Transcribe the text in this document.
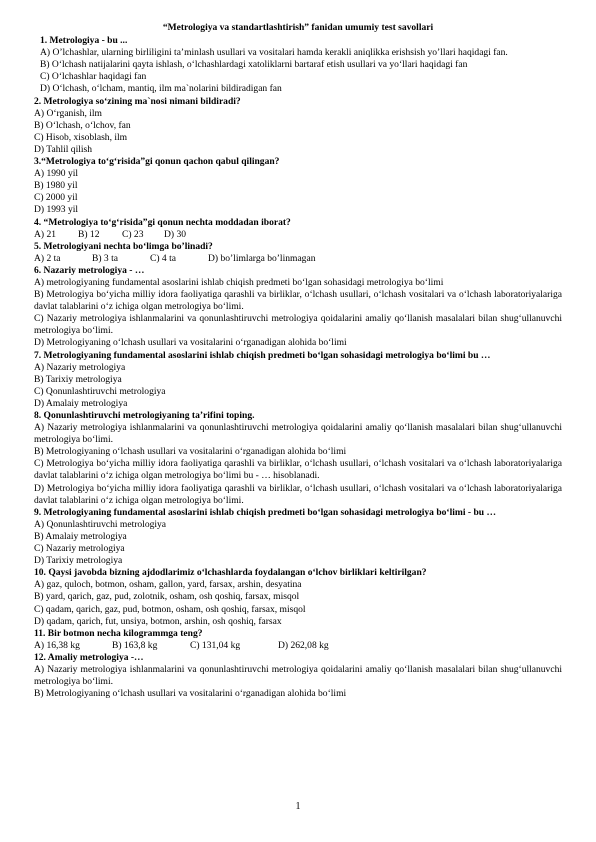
“Metrologiya va standartlashtirish” fanidan umumiy test savollari
1. Metrologiya - bu ...
A) O’lchashlar, ularning birliligini ta’minlash usullari va vositalari hamda kerakli aniqlikka erishsish yo’llari haqidagi fan.
B) O‘lchash natijalarini qayta ishlash, o‘lchashlardagi xatoliklarni bartaraf etish usullari va yo‘llari haqidagi fan
C) O‘lchashlar haqidagi fan
D) O‘lchash, o‘lcham, mantiq, ilm ma`nolarini bildiradigan fan
2. Metrologiya so‘zining ma`nosi nimani bildiradi?
A) O‘rganish, ilm
B) O‘lchash, o‘lchov, fan
C) Hisob, xisoblash, ilm
D) Tahlil qilish
3.“Metrologiya to‘g‘risida”gi qonun qachon qabul qilingan?
A) 1990 yil
B) 1980 yil
C) 2000 yil
D) 1993 yil
4. “Metrologiya to‘g‘risida”gi qonun nechta moddadan iborat?
A) 21	B) 12	C) 23	D) 30
5. Metrologiyani nechta bo‘limga bo’linadi?
A) 2 ta	B) 3 ta	C) 4 ta	D) bo’limlarga bo’linmagan
6. Nazariy metrologiya - …
A) metrologiyaning fundamental asoslarini ishlab chiqish predmeti bo‘lgan sohasidagi metrologiya bo‘limi
B) Metrologiya bo‘yicha milliy idora faoliyatiga qarashli va birliklar, o‘lchash usullari, o‘lchash vositalari va o‘lchash laboratoriyalariga davlat talablarini o‘z ichiga olgan metrologiya bo‘limi.
C) Nazariy metrologiya ishlanmalarini va qonunlashtiruvchi metrologiya qoidalarini amaliy qo‘llanish masalalari bilan shug‘ullanuvchi metrologiya bo‘limi.
D) Metrologiyaning o‘lchash usullari va vositalarini o‘rganadigan alohida bo‘limi
7. Metrologiyaning fundamental asoslarini ishlab chiqish predmeti bo‘lgan sohasidagi metrologiya bo‘limi bu …
A) Nazariy metrologiya
B) Tarixiy metrologiya
C) Qonunlashtiruvchi metrologiya
D) Amalaiy metrologiya
8. Qonunlashtiruvchi metrologiyaning ta’rifini toping.
A) Nazariy metrologiya ishlanmalarini va qonunlashtiruvchi metrologiya qoidalarini amaliy qo‘llanish masalalari bilan shug‘ullanuvchi metrologiya bo‘limi.
B) Metrologiyaning o‘lchash usullari va vositalarini o‘rganadigan alohida bo‘limi
C) Metrologiya bo‘yicha milliy idora faoliyatiga qarashli va birliklar, o‘lchash usullari, o‘lchash vositalari va o‘lchash laboratoriyalariga davlat talablarini o‘z ichiga olgan metrologiya bo‘limi bu - … hisoblanadi.
D) Metrologiya bo‘yicha milliy idora faoliyatiga qarashli va birliklar, o‘lchash usullari, o‘lchash vositalari va o‘lchash laboratoriyalariga davlat talablarini o‘z ichiga olgan metrologiya bo‘limi.
9. Metrologiyaning fundamental asoslarini ishlab chiqish predmeti bo‘lgan sohasidagi metrologiya bo‘limi - bu …
A) Qonunlashtiruvchi metrologiya
B) Amalaiy metrologiya
C) Nazariy metrologiya
D) Tarixiy metrologiya
10. Qaysi javobda bizning ajdodlarimiz o‘lchashlarda foydalangan o‘lchov birliklari keltirilgan?
A) gaz, quloch, botmon, osham, gallon, yard, farsax, arshin, desyatina
B) yard, qarich, gaz, pud, zolotnik, osham, osh qoshiq, farsax, misqol
C) qadam, qarich, gaz, pud, botmon, osham, osh qoshiq, farsax, misqol
D) qadam, qarich, fut, unsiya, botmon, arshin, osh qoshiq, farsax
11. Bir botmon necha kilogrammga teng?
A) 16,38 kg	B) 163,8 kg	C) 131,04 kg	D) 262,08 kg
12. Amaliy metrologiya -…
A) Nazariy metrologiya ishlanmalarini va qonunlashtiruvchi metrologiya qoidalarini amaliy qo‘llanish masalalari bilan shug‘ullanuvchi metrologiya bo‘limi.
B) Metrologiyaning o‘lchash usullari va vositalarini o‘rganadigan alohida bo‘limi
1
